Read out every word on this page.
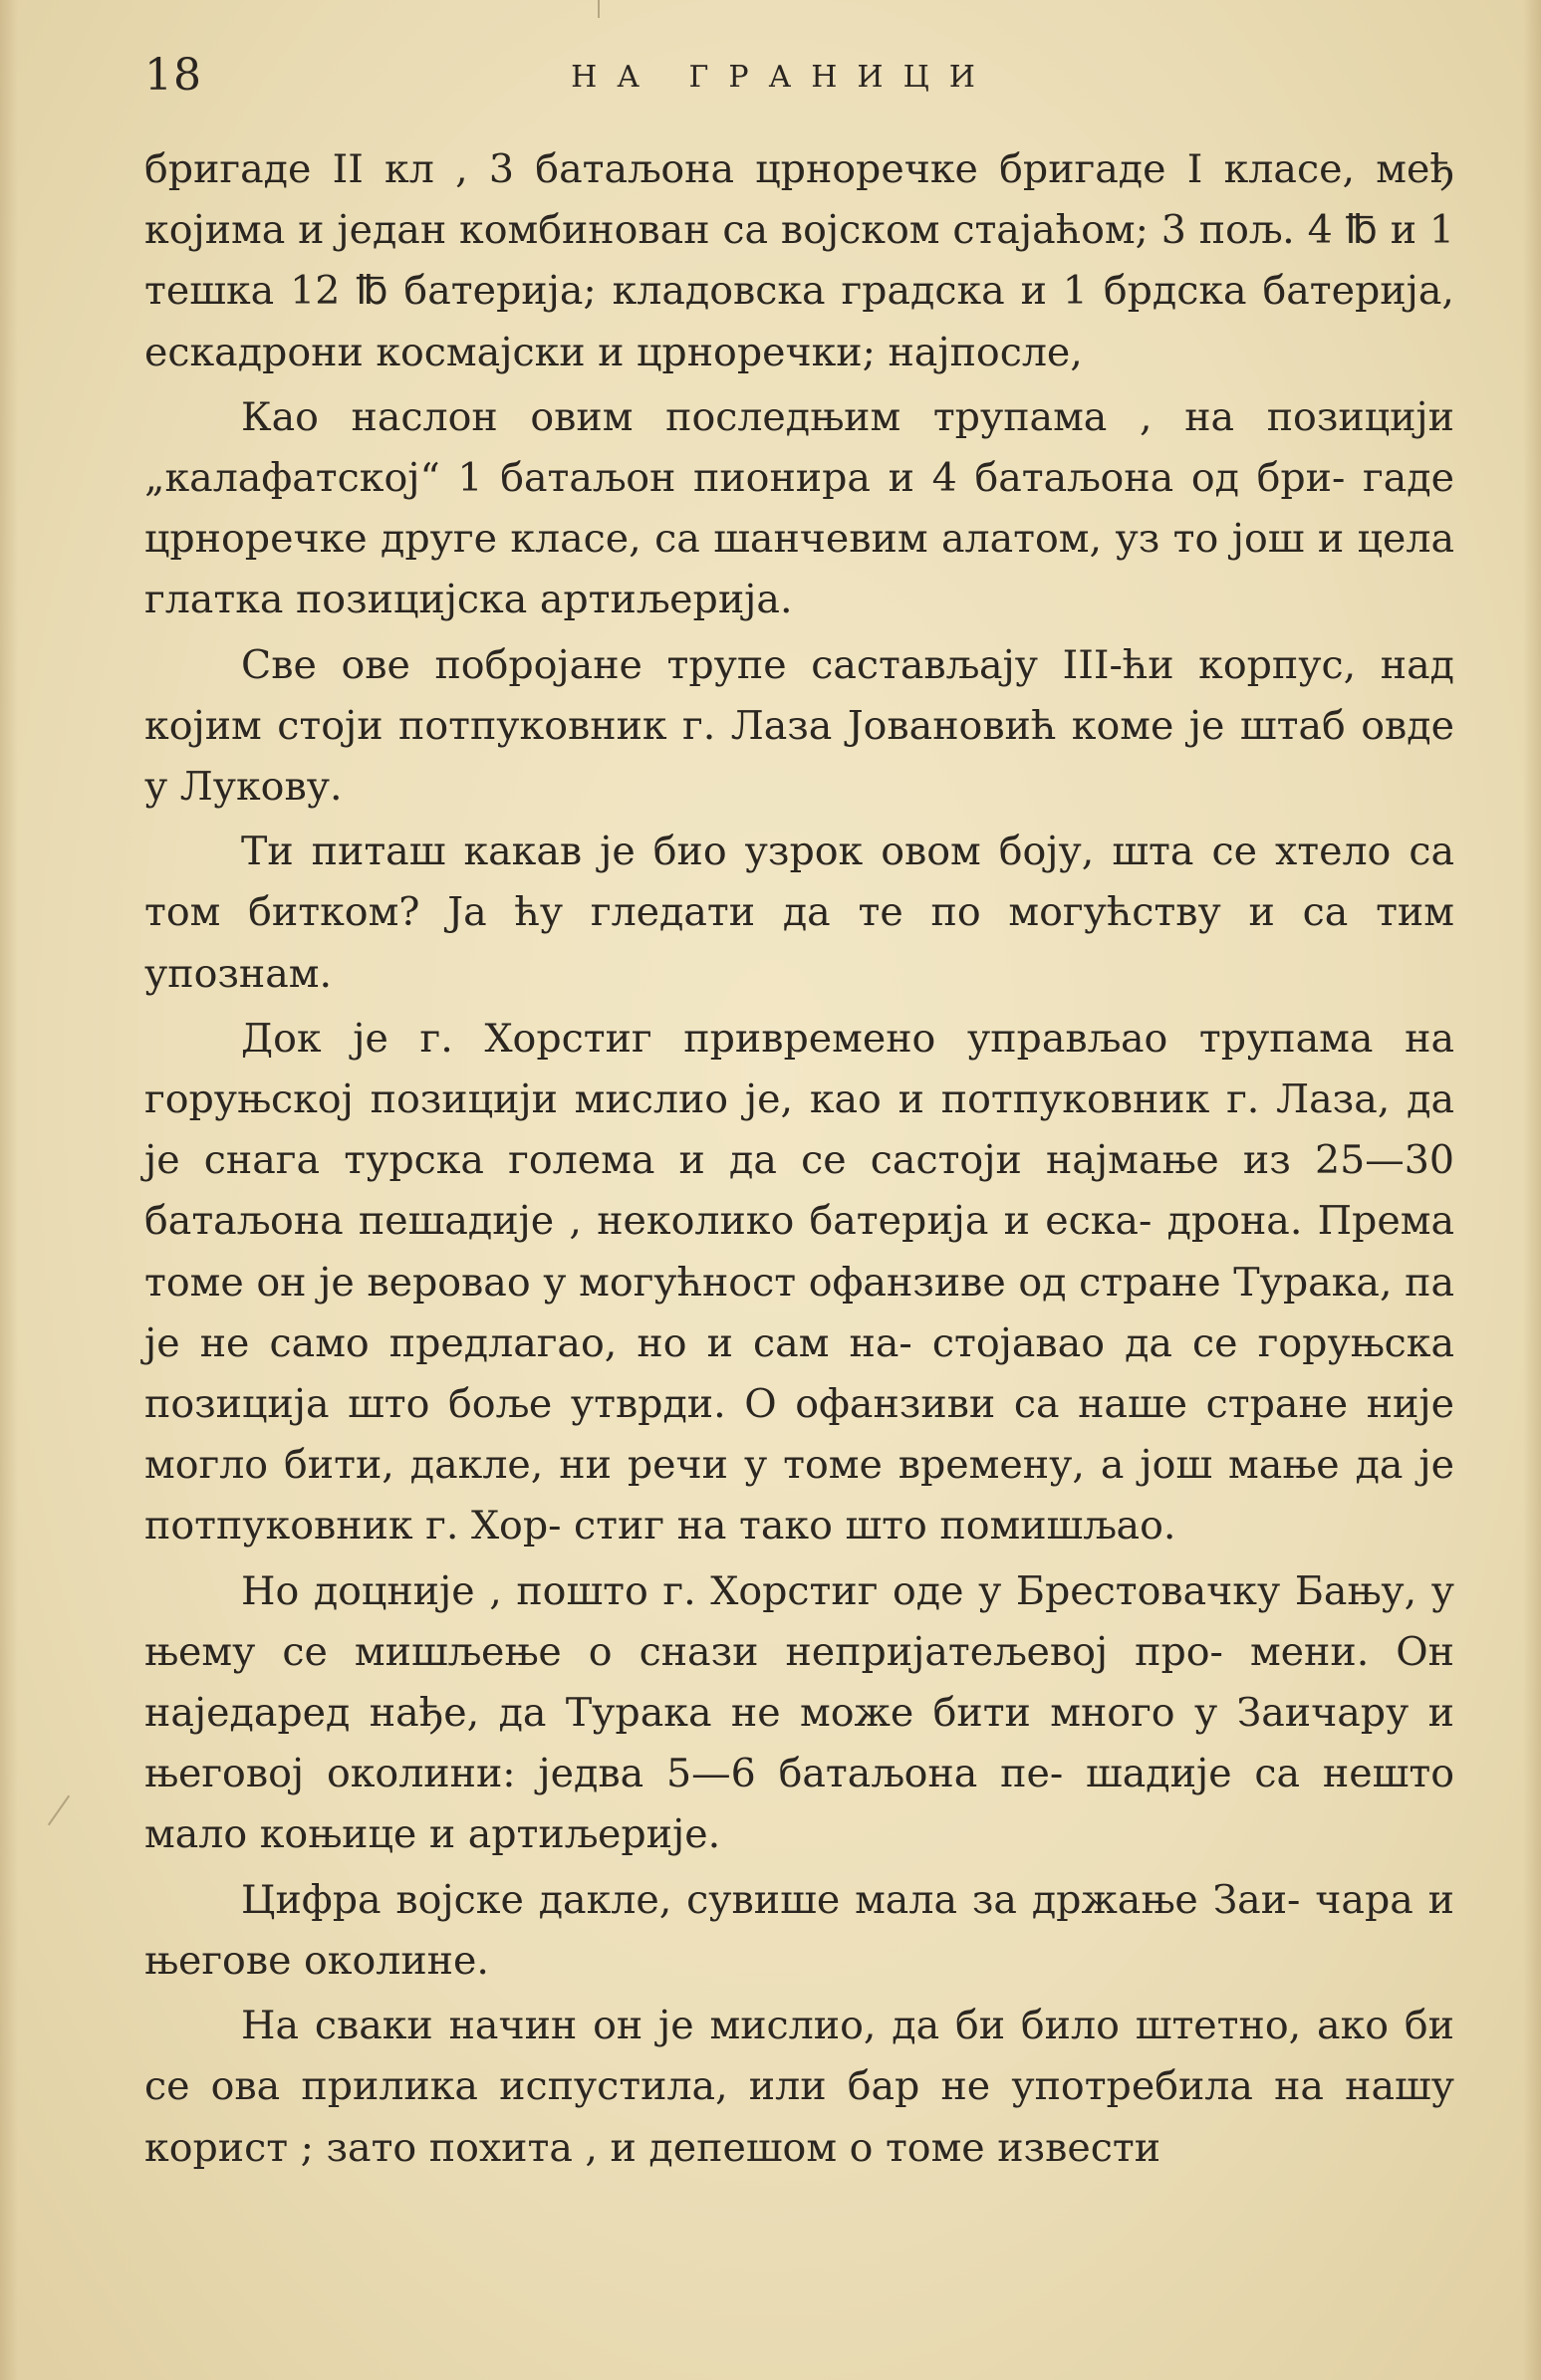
18	НА ГРАНИЦИ
бригаде II кл , 3 батаљона црноречке бригаде I класе, међ којима и један комбинован са војском стајаћом; 3 пољ. 4 ℔ и 1 тешка 12 ℔ батерија; кладовска градска и 1 брдска батерија, ескадрони космајски и црноречки; најпосле,
Као наслон овим последњим трупама , на позицији „калафатској“ 1 батаљон пионира и 4 батаљона од бри- гаде црноречке друге класе, са шанчевим алатом, уз то још и цела глатка позицијска артиљерија.
Све ове побројане трупе састављају III-ћи корпус, над којим стоји потпуковник г. Лаза Јовановић коме је штаб овде у Лукову.
Ти питаш какав је био узрок овом боју, шта се хтело са том битком? Ја ћу гледати да те по могућству и са тим упознам.
Док је г. Хорстиг привремено управљао трупама на горуњској позицији мислио је, као и потпуковник г. Лаза, да је снага турска голема и да се састоји најмање из 25—30 батаљона пешадије , неколико батерија и еска- дрона. Према томе он је веровао у могућност офанзиве од стране Турака, па је не само предлагао, но и сам на- стојавао да се горуњска позиција што боље утврди. О офанзиви са наше стране није могло бити, дакле, ни речи у томе времену, а још мање да је потпуковник г. Хор- стиг на тако што помишљао.
Но доцније , пошто г. Хорстиг оде у Брестовачку Бању, у њему се мишљење о снази непријатељевој про- мени. Он наједаред нађе, да Турака не може бити много у Заичару и његовој околини: једва 5—6 батаљона пе- шадије са нешто мало коњице и артиљерије.
Цифра војске дакле, сувише мала за држање Заи- чара и његове околине.
На сваки начин он је мислио, да би било штетно, ако би се ова прилика испустила, или бар не употребила на нашу корист ; зато похита , и депешом о томе извести
